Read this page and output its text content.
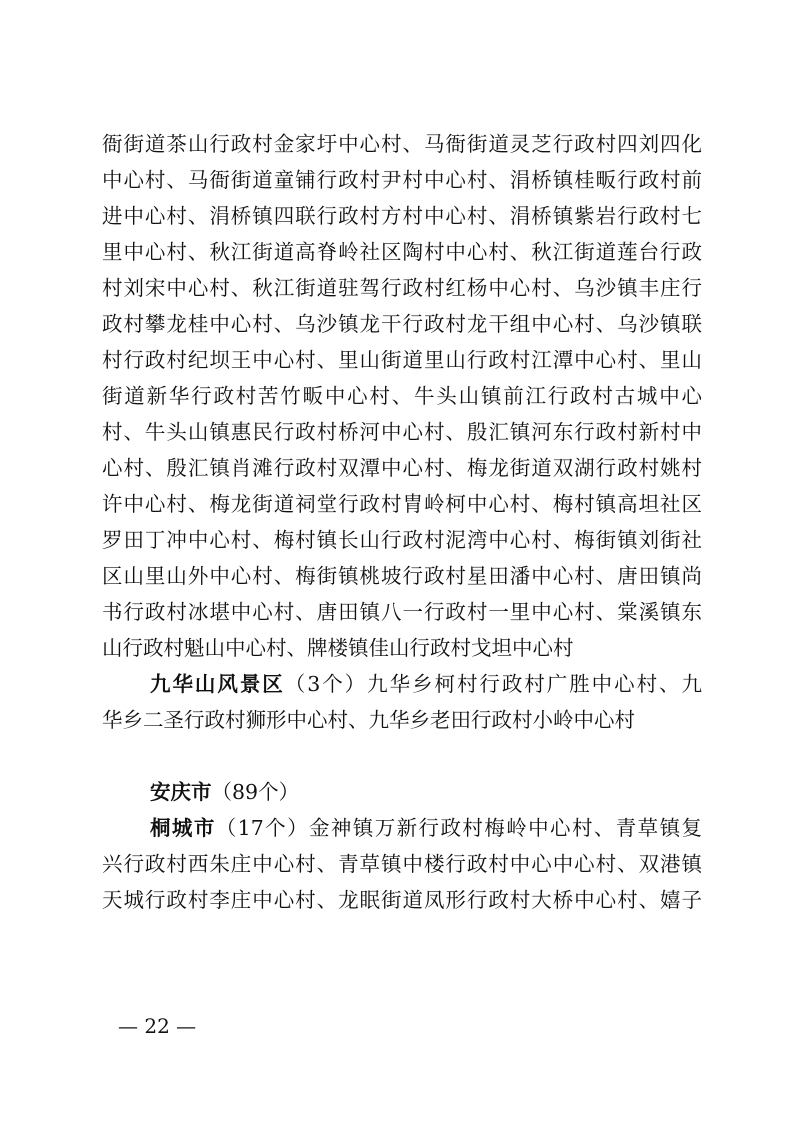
衙街道茶山行政村金家圩中心村、马衙街道灵芝行政村四刘四化
中心村、马衙街道童铺行政村尹村中心村、涓桥镇桂畈行政村前
进中心村、涓桥镇四联行政村方村中心村、涓桥镇紫岩行政村七
里中心村、秋江街道高脊岭社区陶村中心村、秋江街道莲台行政
村刘宋中心村、秋江街道驻驾行政村红杨中心村、乌沙镇丰庄行
政村攀龙桂中心村、乌沙镇龙干行政村龙干组中心村、乌沙镇联
村行政村纪坝王中心村、里山街道里山行政村江潭中心村、里山
街道新华行政村苦竹畈中心村、牛头山镇前江行政村古城中心
村、牛头山镇惠民行政村桥河中心村、殷汇镇河东行政村新村中
心村、殷汇镇肖滩行政村双潭中心村、梅龙街道双湖行政村姚村
许中心村、梅龙街道祠堂行政村胄岭柯中心村、梅村镇高坦社区
罗田丁冲中心村、梅村镇长山行政村泥湾中心村、梅街镇刘街社
区山里山外中心村、梅街镇桃坡行政村星田潘中心村、唐田镇尚
书行政村冰堪中心村、唐田镇八一行政村一里中心村、棠溪镇东
山行政村魁山中心村、牌楼镇佳山行政村戈坦中心村
九华山风景区（3个）九华乡柯村行政村广胜中心村、九
华乡二圣行政村狮形中心村、九华乡老田行政村小岭中心村
安庆市（89个）
桐城市（17个）金神镇万新行政村梅岭中心村、青草镇复
兴行政村西朱庄中心村、青草镇中楼行政村中心中心村、双港镇
天城行政村李庄中心村、龙眠街道凤形行政村大桥中心村、嬉子
— 22 —
